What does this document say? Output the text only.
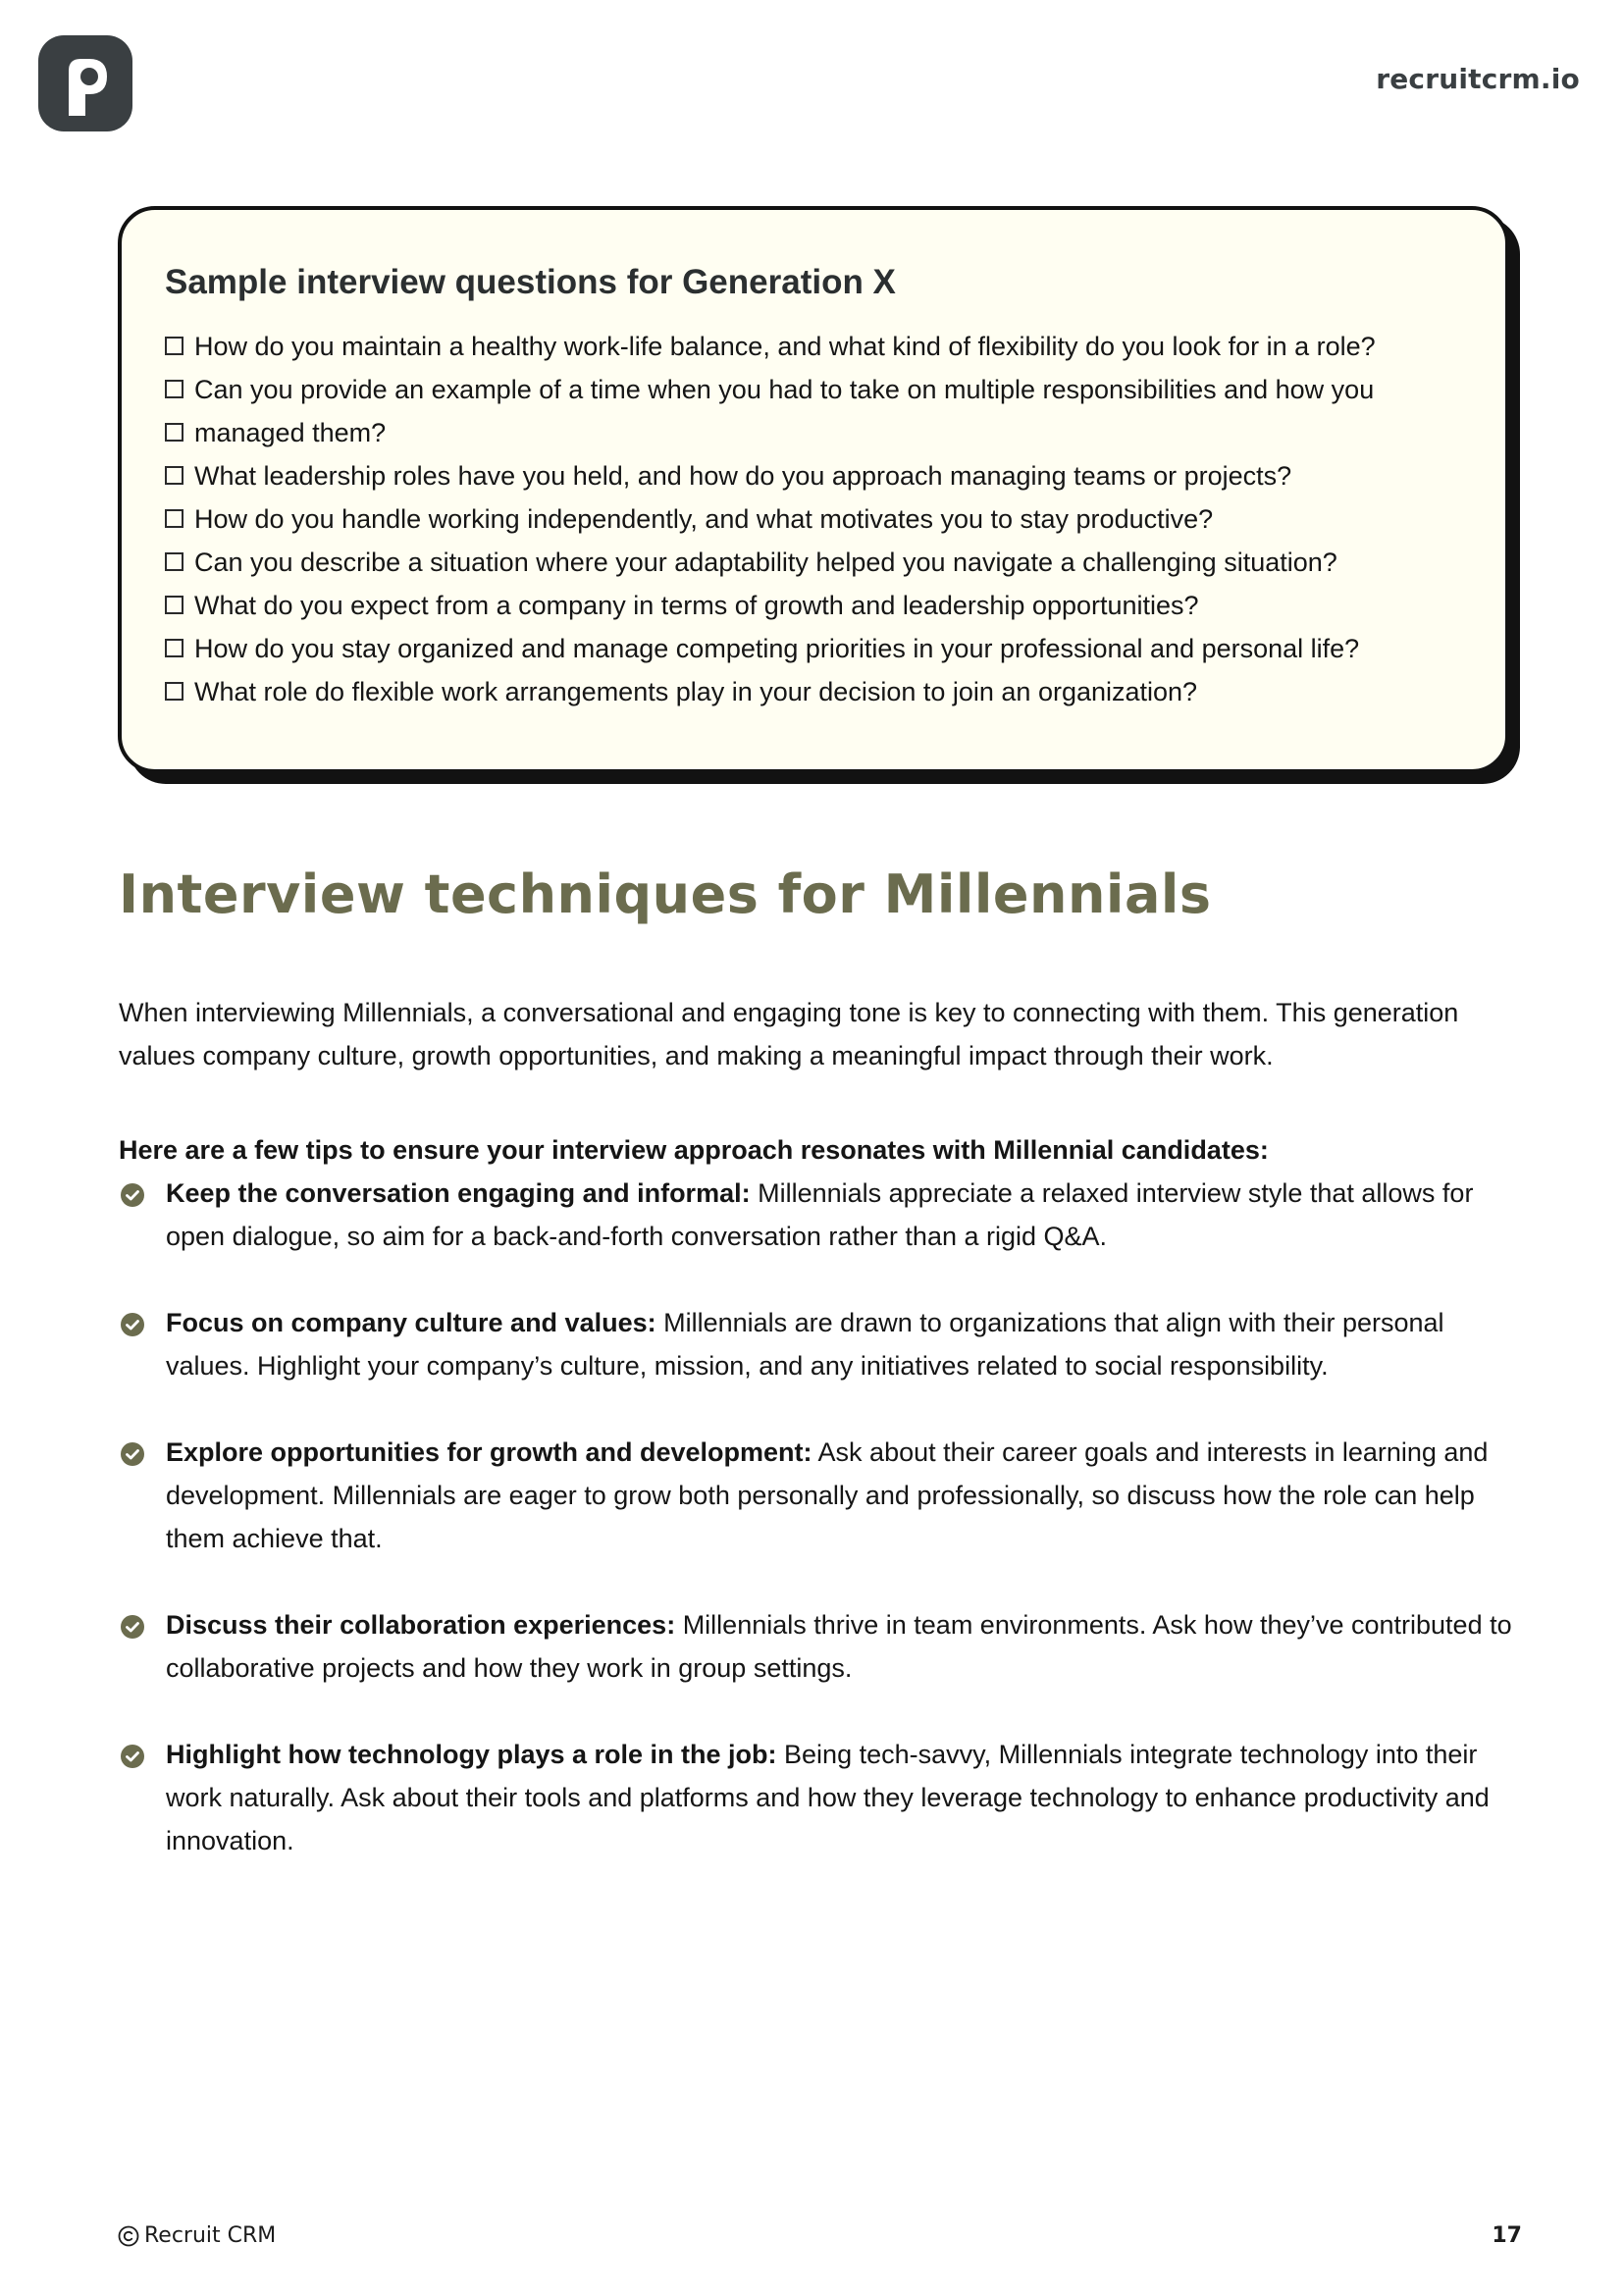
recruitcrm.io
Sample interview questions for Generation X
How do you maintain a healthy work-life balance, and what kind of flexibility do you look for in a role?
Can you provide an example of a time when you had to take on multiple responsibilities and how you
managed them?
What leadership roles have you held, and how do you approach managing teams or projects?
How do you handle working independently, and what motivates you to stay productive?
Can you describe a situation where your adaptability helped you navigate a challenging situation?
What do you expect from a company in terms of growth and leadership opportunities?
How do you stay organized and manage competing priorities in your professional and personal life?
What role do flexible work arrangements play in your decision to join an organization?
Interview techniques for Millennials

When interviewing Millennials, a conversational and engaging tone is key to connecting with them. This generation values company culture, growth opportunities, and making a meaningful impact through their work.

Here are a few tips to ensure your interview approach resonates with Millennial candidates:

Keep the conversation engaging and informal: Millennials appreciate a relaxed interview style that allows for open dialogue, so aim for a back-and-forth conversation rather than a rigid Q&A.
Focus on company culture and values: Millennials are drawn to organizations that align with their personal values. Highlight your company’s culture, mission, and any initiatives related to social responsibility.
Explore opportunities for growth and development: Ask about their career goals and interests in learning and development. Millennials are eager to grow both personally and professionally, so discuss how the role can help them achieve that.
Discuss their collaboration experiences: Millennials thrive in team environments. Ask how they’ve contributed to collaborative projects and how they work in group settings.
Highlight how technology plays a role in the job: Being tech-savvy, Millennials integrate technology into their work naturally. Ask about their tools and platforms and how they leverage technology to enhance productivity and innovation.
Recruit CRM	17
